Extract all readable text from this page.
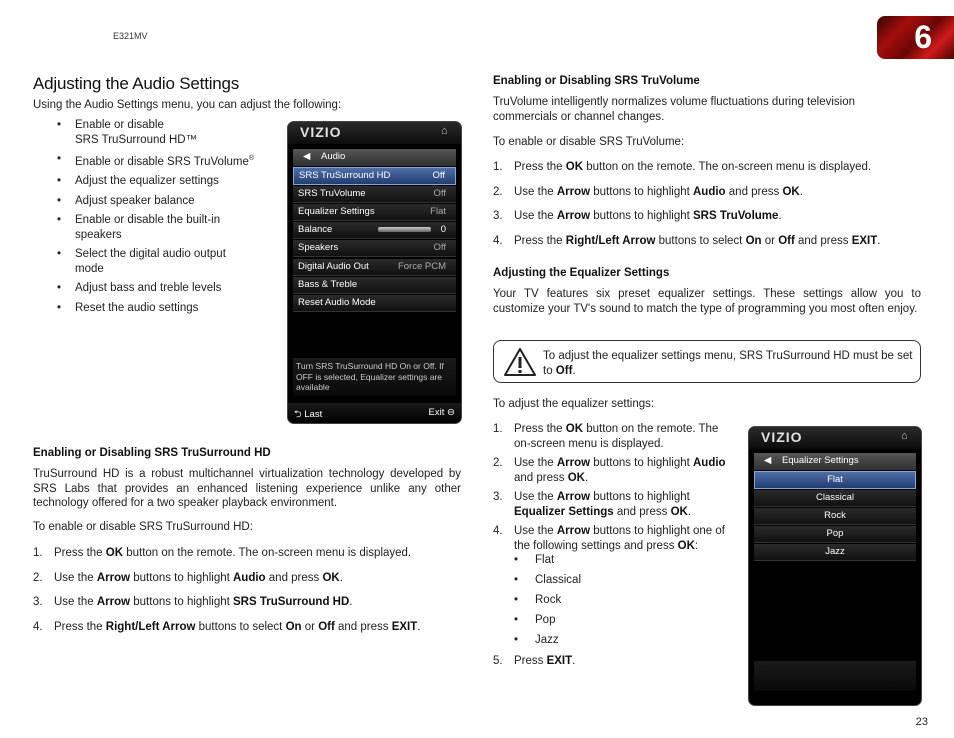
E321MV	6
Adjusting the Audio Settings

Using the Audio Settings menu, you can adjust the following:

• Enable or disable
SRS TruSurround HD™
• Enable or disable SRS TruVolume®
• Adjust the equalizer settings
• Adjust speaker balance
• Enable or disable the built-in speakers
• Select the digital audio output mode
• Adjust bass and treble levels
• Reset the audio settings
VIZIO	⌂
◀ Audio
SRS TruSurround HD	Off
SRS TruVolume	Off
Equalizer Settings	Flat
Balance	0
Speakers	Off
Digital Audio Out	Force PCM
Bass & Treble
Reset Audio Mode
Turn SRS TruSurround HD On or Off. If OFF is selected, Equalizer settings are available
⮌ Last	Exit ⊖
Enabling or Disabling SRS TruSurround HD

TruSurround HD is a robust multichannel virtualization technology developed by SRS Labs that provides an enhanced listening experience unlike any other technology offered for a two speaker playback environment.

To enable or disable SRS TruSurround HD:

1. Press the OK button on the remote. The on-screen menu is displayed.
2. Use the Arrow buttons to highlight Audio and press OK.
3. Use the Arrow buttons to highlight SRS TruSurround HD.
4. Press the Right/Left Arrow buttons to select On or Off and press EXIT.
Enabling or Disabling SRS TruVolume

TruVolume intelligently normalizes volume fluctuations during television commercials or channel changes.

To enable or disable SRS TruVolume:

1. Press the OK button on the remote. The on-screen menu is displayed.
2. Use the Arrow buttons to highlight Audio and press OK.
3. Use the Arrow buttons to highlight SRS TruVolume.
4. Press the Right/Left Arrow buttons to select On or Off and press EXIT.
Adjusting the Equalizer Settings

Your TV features six preset equalizer settings. These settings allow you to customize your TV's sound to match the type of programming you most often enjoy.

To adjust the equalizer settings menu, SRS TruSurround HD must be set to Off.

To adjust the equalizer settings:

1. Press the OK button on the remote. The on-screen menu is displayed.
2. Use the Arrow buttons to highlight Audio and press OK.
3. Use the Arrow buttons to highlight Equalizer Settings and press OK.
4. Use the Arrow buttons to highlight one of the following settings and press OK:
• Flat
• Classical
• Rock
• Pop
• Jazz
5. Press EXIT.
VIZIO	⌂
◀ Equalizer Settings
Flat
Classical
Rock
Pop
Jazz
23
